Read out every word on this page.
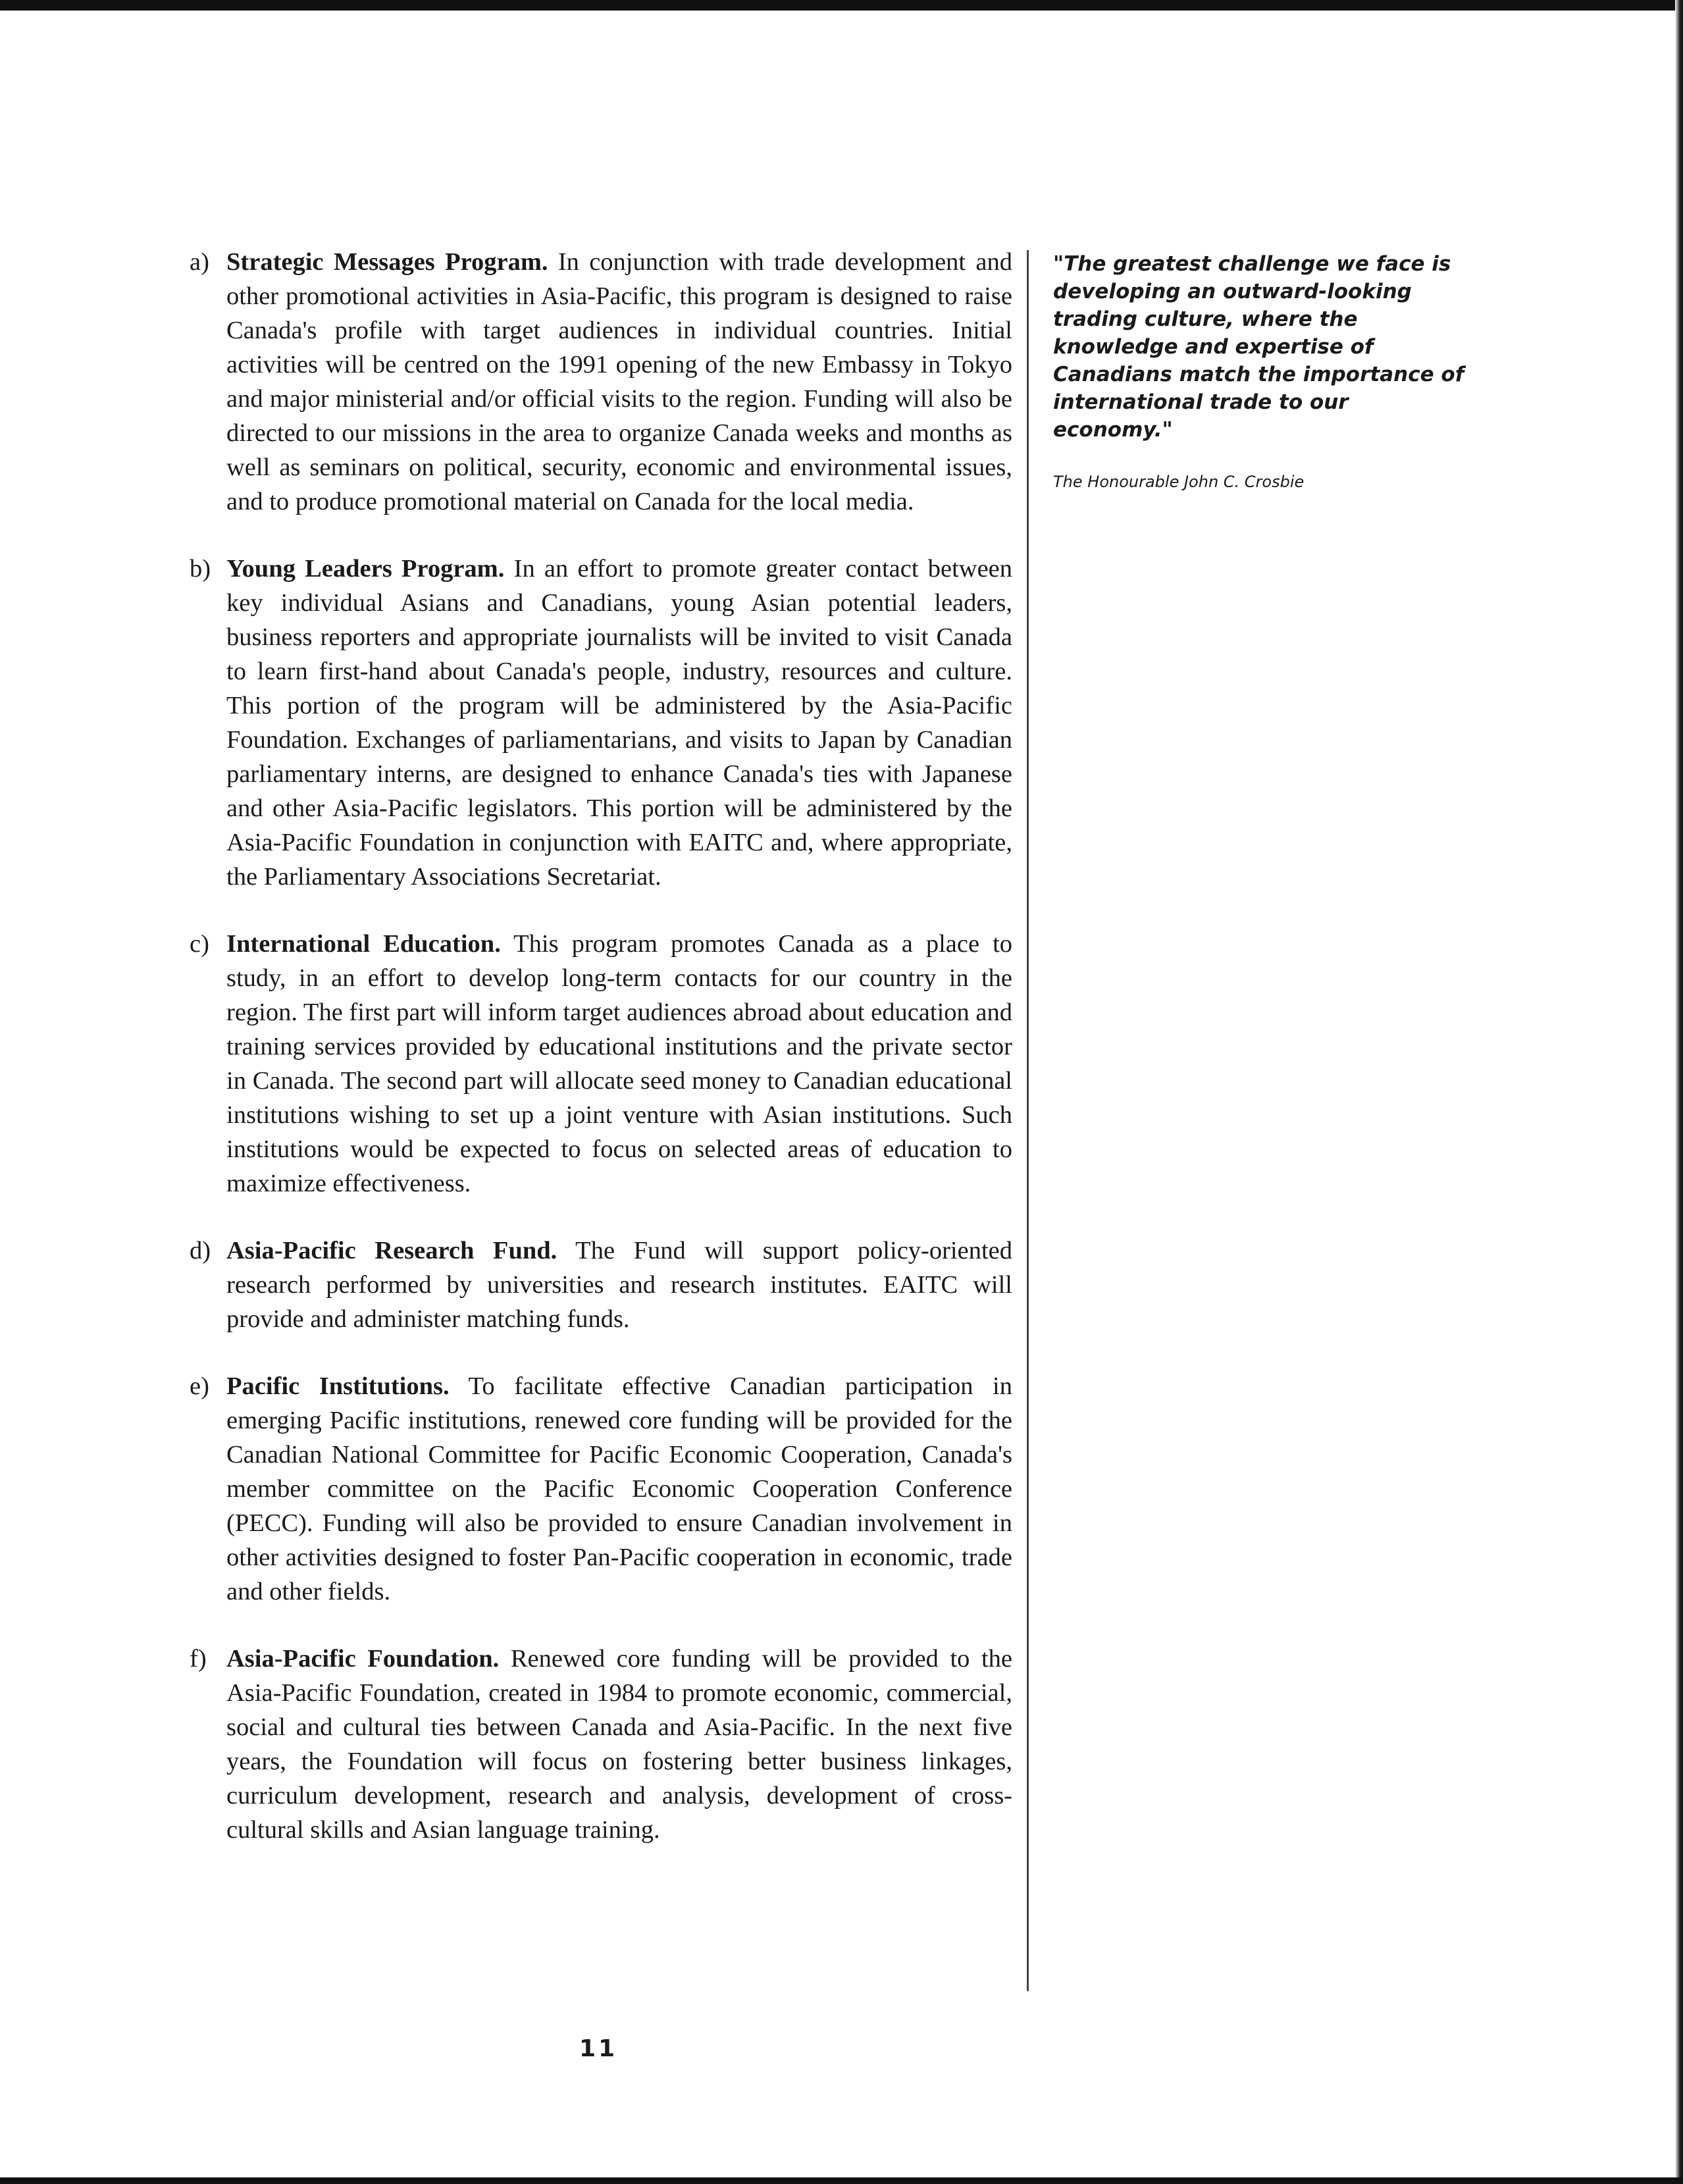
a) Strategic Messages Program. In conjunction with trade development and other promotional activities in Asia-Pacific, this program is designed to raise Canada's profile with target audiences in individual countries. Initial activities will be centred on the 1991 opening of the new Embassy in Tokyo and major ministerial and/or official visits to the region. Funding will also be directed to our missions in the area to organize Canada weeks and months as well as seminars on political, security, economic and environmental issues, and to produce promotional material on Canada for the local media.
b) Young Leaders Program. In an effort to promote greater contact between key individual Asians and Canadians, young Asian potential leaders, business reporters and appropriate journalists will be invited to visit Canada to learn first-hand about Canada's people, industry, resources and culture. This portion of the program will be administered by the Asia-Pacific Foundation. Exchanges of parliamentarians, and visits to Japan by Canadian parliamentary interns, are designed to enhance Canada's ties with Japanese and other Asia-Pacific legislators. This portion will be administered by the Asia-Pacific Foundation in conjunction with EAITC and, where appropriate, the Parliamentary Associations Secretariat.
c) International Education. This program promotes Canada as a place to study, in an effort to develop long-term contacts for our country in the region. The first part will inform target audiences abroad about education and training services provided by educational institutions and the private sector in Canada. The second part will allocate seed money to Canadian educational institutions wishing to set up a joint venture with Asian institutions. Such institutions would be expected to focus on selected areas of education to maximize effectiveness.
d) Asia-Pacific Research Fund. The Fund will support policy-oriented research performed by universities and research institutes. EAITC will provide and administer matching funds.
e) Pacific Institutions. To facilitate effective Canadian participation in emerging Pacific institutions, renewed core funding will be provided for the Canadian National Committee for Pacific Economic Cooperation, Canada's member committee on the Pacific Economic Cooperation Conference (PECC). Funding will also be provided to ensure Canadian involvement in other activities designed to foster Pan-Pacific cooperation in economic, trade and other fields.
f) Asia-Pacific Foundation. Renewed core funding will be provided to the Asia-Pacific Foundation, created in 1984 to promote economic, commercial, social and cultural ties between Canada and Asia-Pacific. In the next five years, the Foundation will focus on fostering better business linkages, curriculum development, research and analysis, development of cross-cultural skills and Asian language training.

"The greatest challenge we face is developing an outward-looking trading culture, where the knowledge and expertise of Canadians match the importance of international trade to our economy."

The Honourable John C. Crosbie
11
